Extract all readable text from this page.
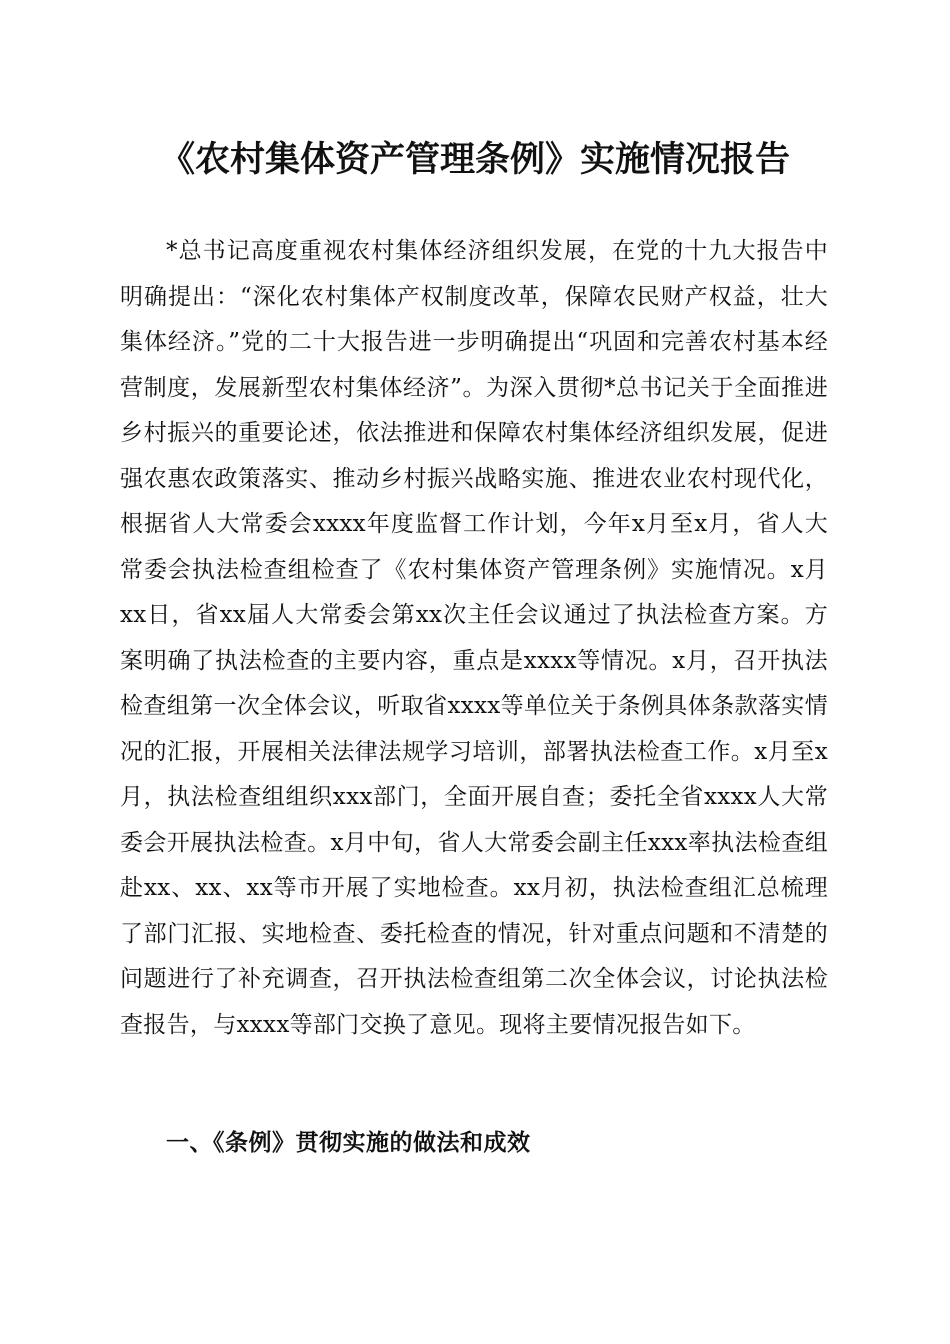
《农村集体资产管理条例》实施情况报告

*总书记高度重视农村集体经济组织发展，在党的十九大报告中明确提出：“深化农村集体产权制度改革，保障农民财产权益，壮大集体经济。”党的二十大报告进一步明确提出“巩固和完善农村基本经营制度，发展新型农村集体经济”。为深入贯彻*总书记关于全面推进乡村振兴的重要论述，依法推进和保障农村集体经济组织发展，促进强农惠农政策落实、推动乡村振兴战略实施、推进农业农村现代化，根据省人大常委会xxxx年度监督工作计划，今年x月至x月，省人大常委会执法检查组检查了《农村集体资产管理条例》实施情况。x月xx日，省xx届人大常委会第xx次主任会议通过了执法检查方案。方案明确了执法检查的主要内容，重点是xxxx等情况。x月，召开执法检查组第一次全体会议，听取省xxxx等单位关于条例具体条款落实情况的汇报，开展相关法律法规学习培训，部署执法检查工作。x月至x月，执法检查组组织xxx部门，全面开展自查；委托全省xxxx人大常委会开展执法检查。x月中旬，省人大常委会副主任xxx率执法检查组赴xx、xx、xx等市开展了实地检查。xx月初，执法检查组汇总梳理了部门汇报、实地检查、委托检查的情况，针对重点问题和不清楚的问题进行了补充调查，召开执法检查组第二次全体会议，讨论执法检查报告，与xxxx等部门交换了意见。现将主要情况报告如下。

一、《条例》贯彻实施的做法和成效
